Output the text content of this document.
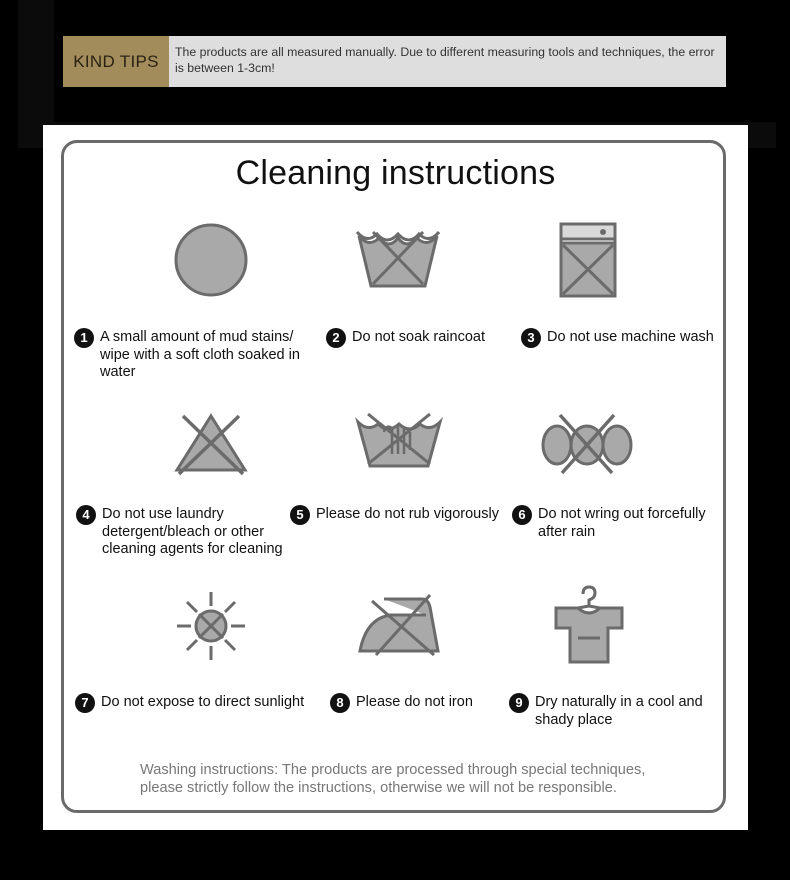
KIND TIPS	The products are all measured manually. Due to different measuring tools and techniques, the error is between 1-3cm!
Cleaning instructions
1 A small amount of mud stains/ wipe with a soft cloth soaked in water
2 Do not soak raincoat	3 Do not use machine wash
4 Do not use laundry detergent/bleach or other cleaning agents for cleaning
5 Please do not rub vigorously	6 Do not wring out forcefully after rain
7 Do not expose to direct sunlight	8 Please do not iron	9 Dry naturally in a cool and shady place
Washing instructions: The products are processed through special techniques, please strictly follow the instructions, otherwise we will not be responsible.
